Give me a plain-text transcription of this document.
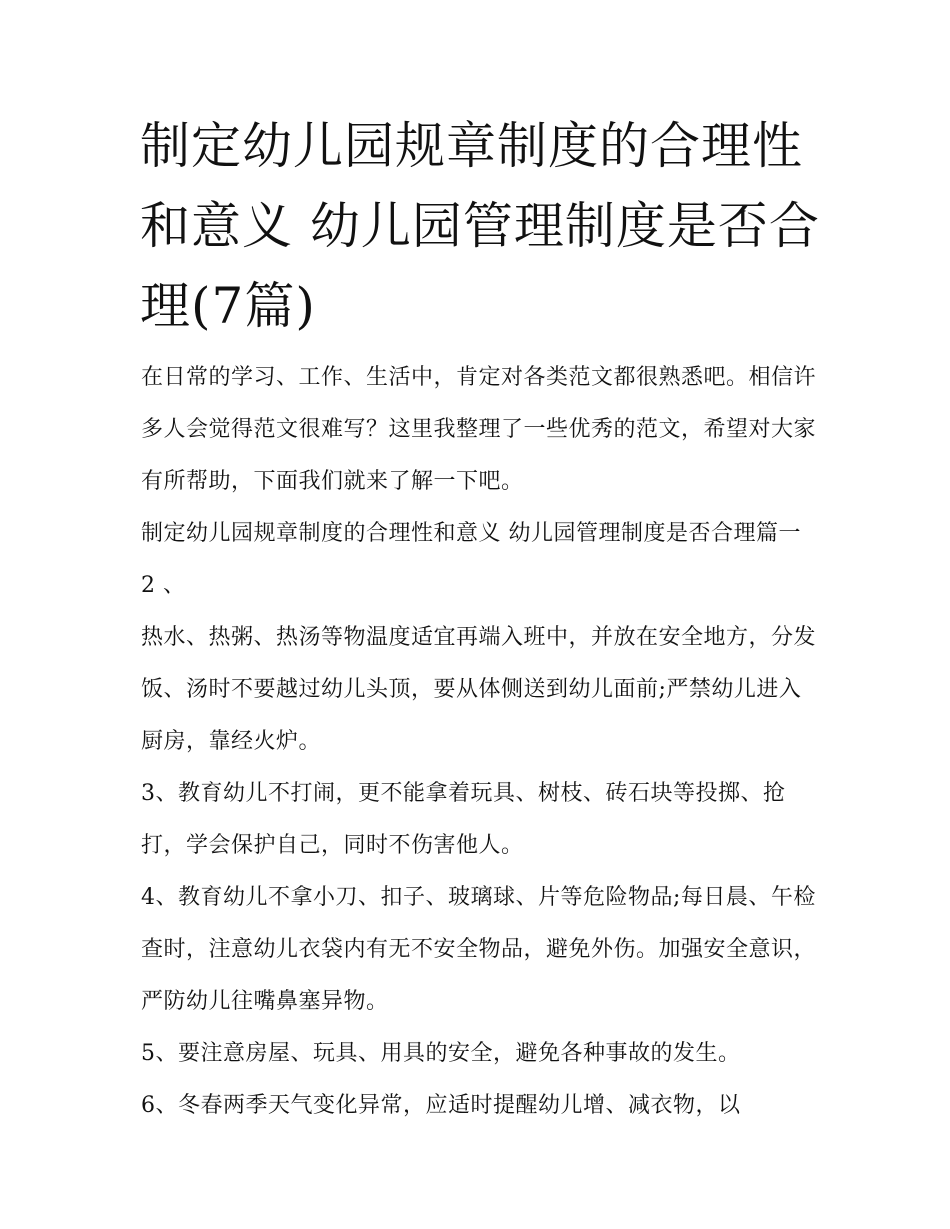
制定幼儿园规章制度的合理性和意义 幼儿园管理制度是否合理(7篇)

在日常的学习、工作、生活中，肯定对各类范文都很熟悉吧。相信许多人会觉得范文很难写？这里我整理了一些优秀的范文，希望对大家有所帮助，下面我们就来了解一下吧。

制定幼儿园规章制度的合理性和意义 幼儿园管理制度是否合理篇一 2 、

热水、热粥、热汤等物温度适宜再端入班中，并放在安全地方，分发饭、汤时不要越过幼儿头顶，要从体侧送到幼儿面前;严禁幼儿进入厨房，靠经火炉。

3、教育幼儿不打闹，更不能拿着玩具、树枝、砖石块等投掷、抢打，学会保护自己，同时不伤害他人。

4、教育幼儿不拿小刀、扣子、玻璃球、片等危险物品;每日晨、午检查时，注意幼儿衣袋内有无不安全物品，避免外伤。加强安全意识，严防幼儿往嘴鼻塞异物。

5、要注意房屋、玩具、用具的安全，避免各种事故的发生。

6、冬春两季天气变化异常，应适时提醒幼儿增、减衣物，以
